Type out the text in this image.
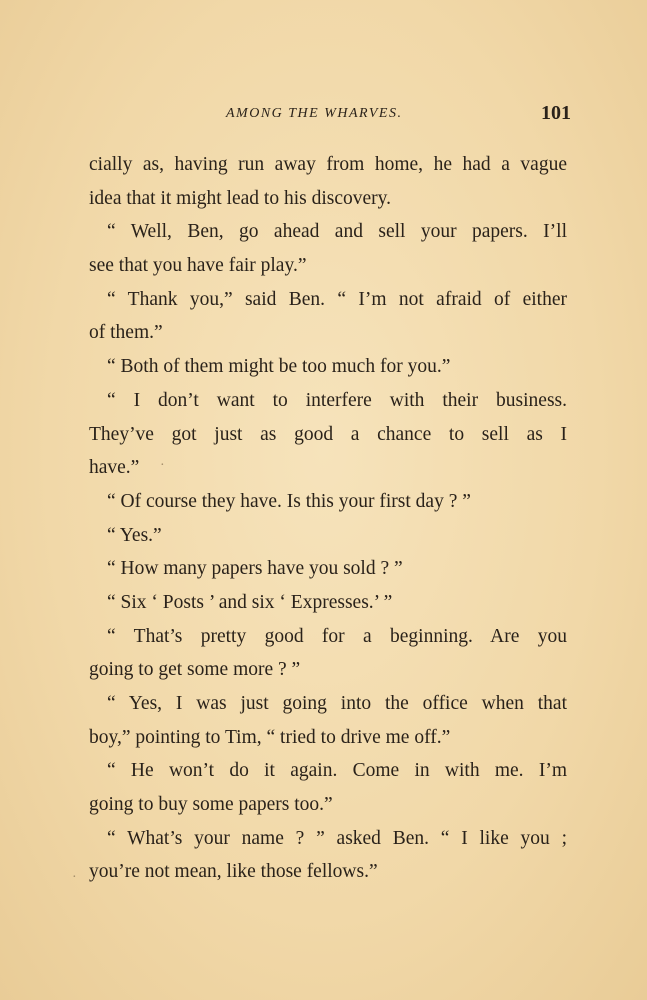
AMONG THE WHARVES.	101
cially as, having run away from home, he had a vague
idea that it might lead to his discovery.
“ Well, Ben, go ahead and sell your papers. I’ll
see that you have fair play.”
“ Thank you,” said Ben. “ I’m not afraid of either
of them.”
“ Both of them might be too much for you.”
“ I don’t want to interfere with their business.
They’ve got just as good a chance to sell as I
have.”
“ Of course they have. Is this your first day ? ”
“ Yes.”
“ How many papers have you sold ? ”
“ Six ‘ Posts ’ and six ‘ Expresses.’ ”
“ That’s pretty good for a beginning. Are you
going to get some more ? ”
“ Yes, I was just going into the office when that
boy,” pointing to Tim, “ tried to drive me off.”
“ He won’t do it again. Come in with me. I’m
going to buy some papers too.”
“ What’s your name ? ” asked Ben. “ I like you ;
you’re not mean, like those fellows.”
·
·
